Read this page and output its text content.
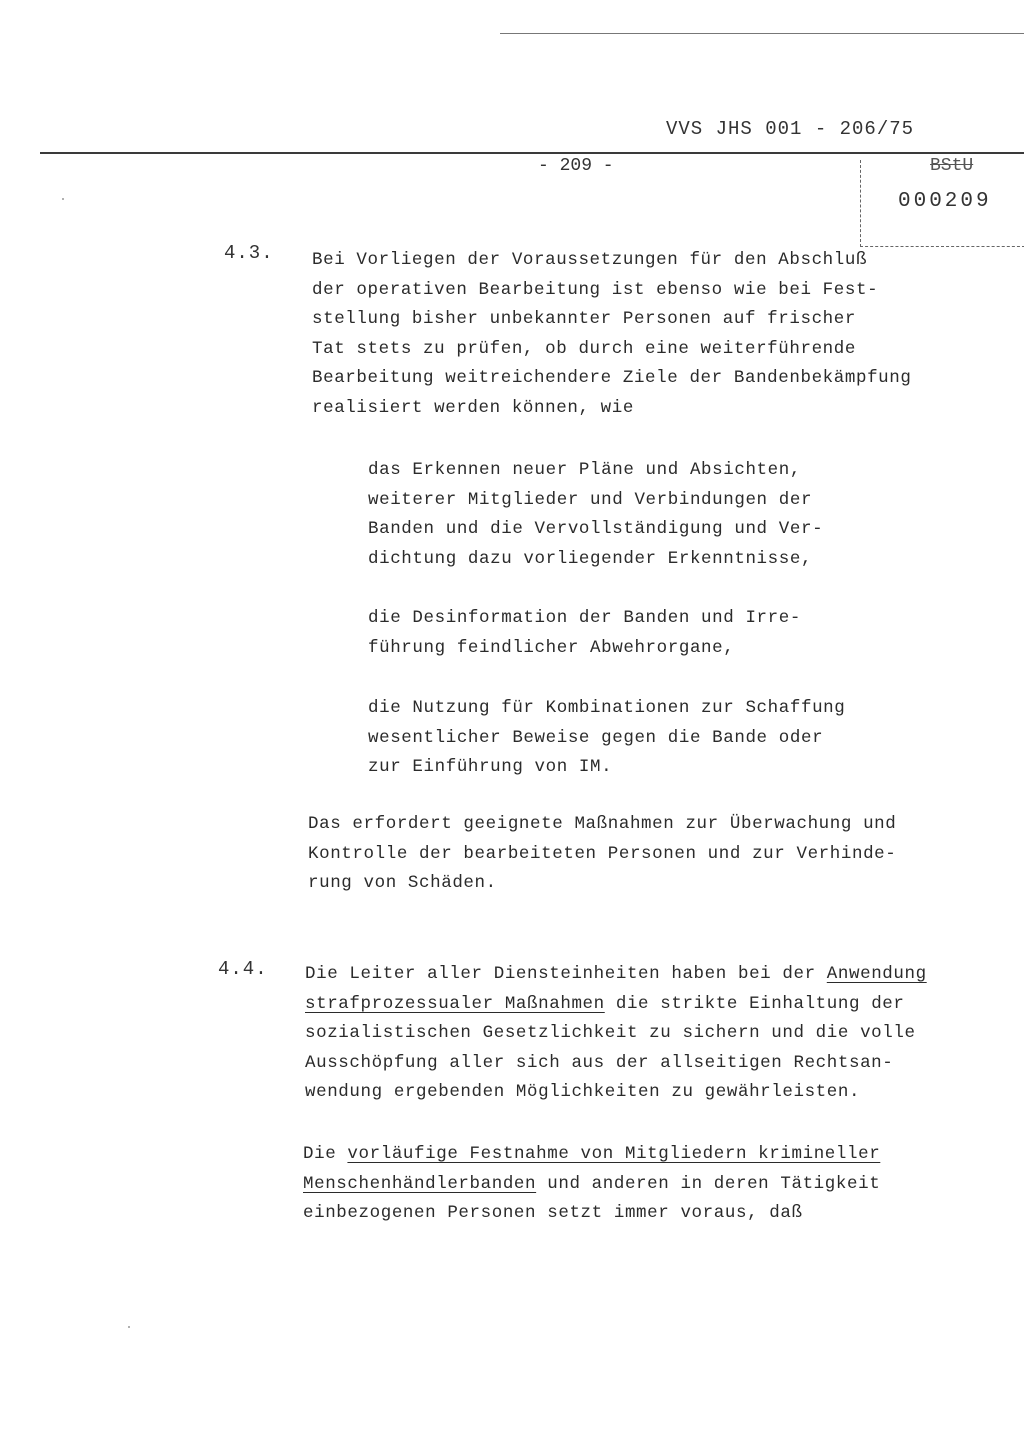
VVS JHS 001 - 206/75
- 209 -	BStU
000209
4.3. Bei Vorliegen der Voraussetzungen für den Abschluß
der operativen Bearbeitung ist ebenso wie bei Fest-
stellung bisher unbekannter Personen auf frischer
Tat stets zu prüfen, ob durch eine weiterführende
Bearbeitung weitreichendere Ziele der Bandenbekämpfung
realisiert werden können, wie
das Erkennen neuer Pläne und Absichten,
weiterer Mitglieder und Verbindungen der
Banden und die Vervollständigung und Ver-
dichtung dazu vorliegender Erkenntnisse,
die Desinformation der Banden und Irre-
führung feindlicher Abwehrorgane,
die Nutzung für Kombinationen zur Schaffung
wesentlicher Beweise gegen die Bande oder
zur Einführung von IM.
Das erfordert geeignete Maßnahmen zur Überwachung und
Kontrolle der bearbeiteten Personen und zur Verhinde-
rung von Schäden.
4.4. Die Leiter aller Diensteinheiten haben bei der Anwendung
strafprozessualer Maßnahmen die strikte Einhaltung der
sozialistischen Gesetzlichkeit zu sichern und die volle
Ausschöpfung aller sich aus der allseitigen Rechtsan-
wendung ergebenden Möglichkeiten zu gewährleisten.
Die vorläufige Festnahme von Mitgliedern krimineller
Menschenhändlerbanden und anderen in deren Tätigkeit
einbezogenen Personen setzt immer voraus, daß
